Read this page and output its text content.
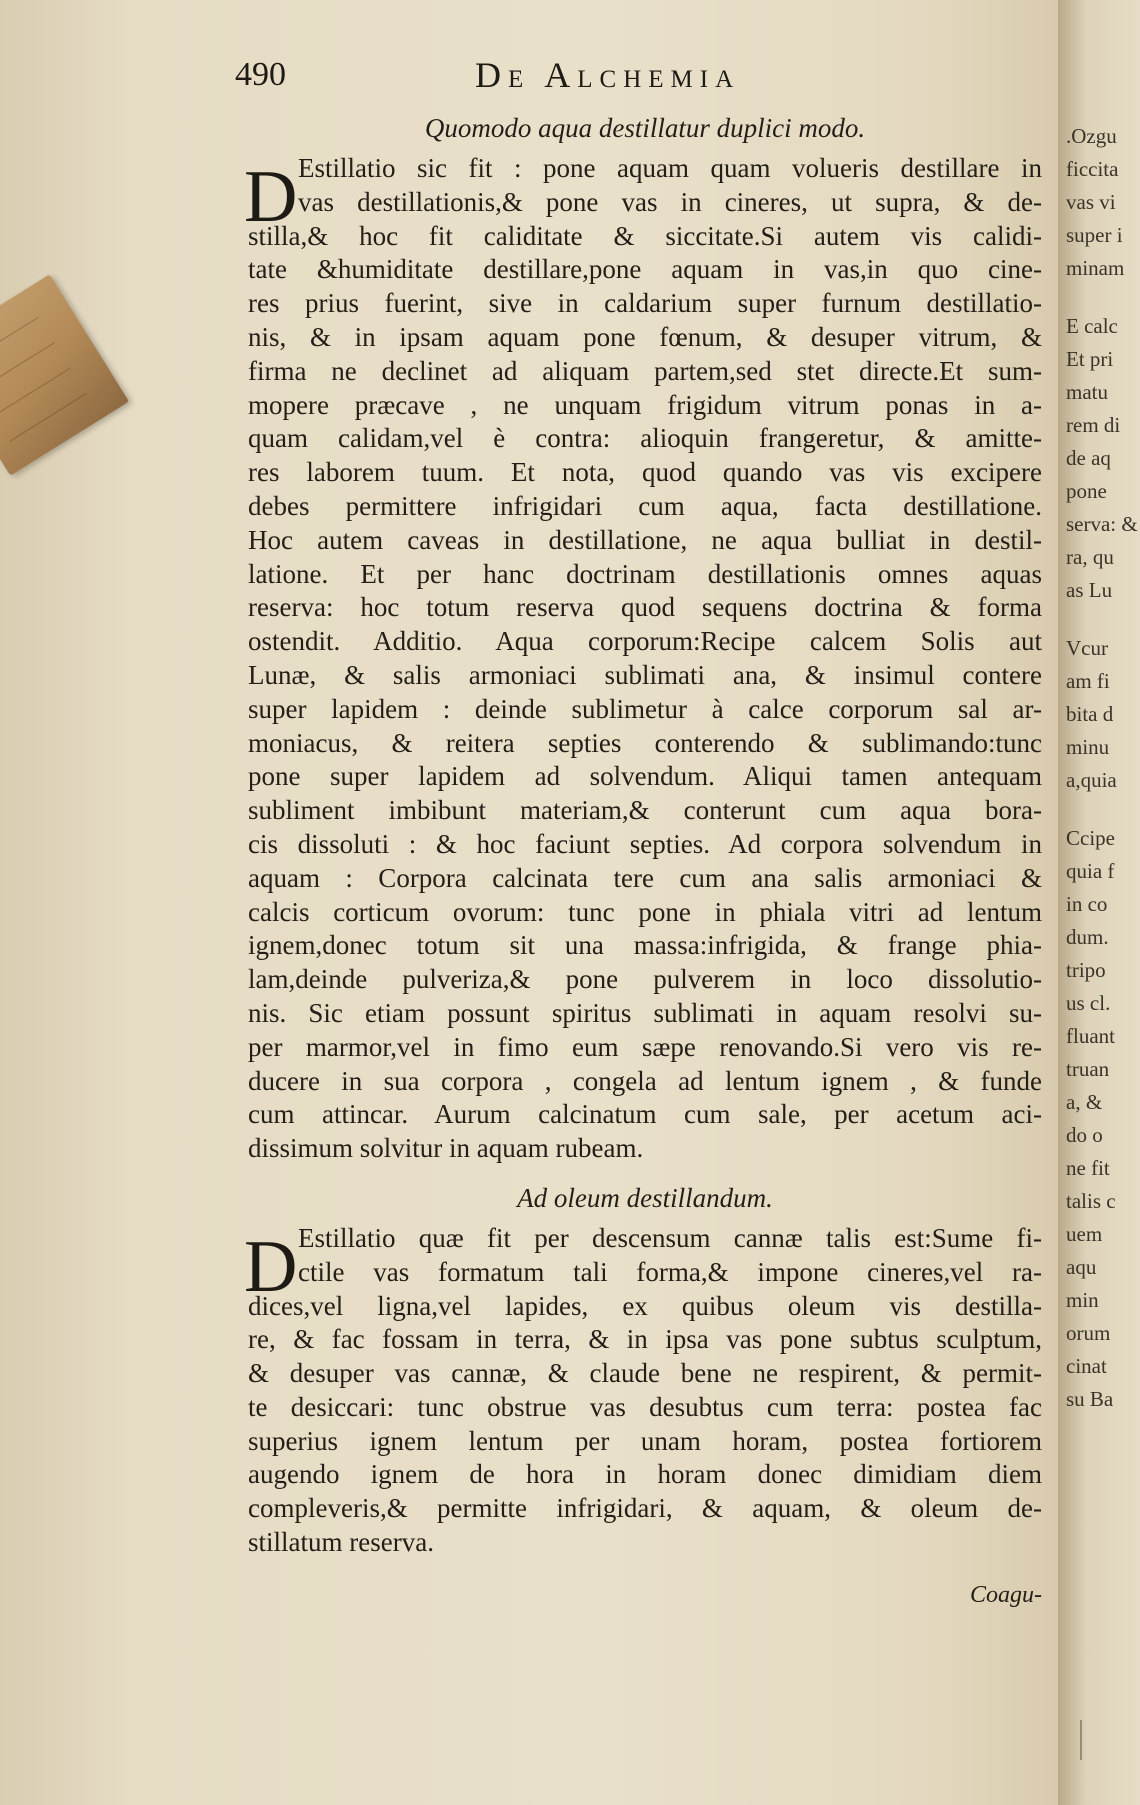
490	De Alchemia
Quomodo aqua destillatur duplici modo.
D Estillatio sic fit : pone aquam quam volueris destillare in
vas destillationis,& pone vas in cineres, ut supra, & de-
stilla,& hoc fit caliditate & siccitate.Si autem vis calidi-
tate &humiditate destillare,pone aquam in vas,in quo cine-
res prius fuerint, sive in caldarium super furnum destillatio-
nis, & in ipsam aquam pone fœnum, & desuper vitrum, &
firma ne declinet ad aliquam partem,sed stet directe.Et sum-
mopere præcave , ne unquam frigidum vitrum ponas in a-
quam calidam,vel è contra: alioquin frangeretur, & amitte-
res laborem tuum. Et nota, quod quando vas vis excipere
debes permittere infrigidari cum aqua, facta destillatione.
Hoc autem caveas in destillatione, ne aqua bulliat in destil-
latione. Et per hanc doctrinam destillationis omnes aquas
reserva: hoc totum reserva quod sequens doctrina & forma
ostendit. Additio. Aqua corporum:Recipe calcem Solis aut
Lunæ, & salis armoniaci sublimati ana, & insimul contere
super lapidem : deinde sublimetur à calce corporum sal ar-
moniacus, & reitera septies conterendo & sublimando:tunc
pone super lapidem ad solvendum. Aliqui tamen antequam
subliment imbibunt materiam,& conterunt cum aqua bora-
cis dissoluti : & hoc faciunt septies. Ad corpora solvendum in
aquam : Corpora calcinata tere cum ana salis armoniaci &
calcis corticum ovorum: tunc pone in phiala vitri ad lentum
ignem,donec totum sit una massa:infrigida, & frange phia-
lam,deinde pulveriza,& pone pulverem in loco dissolutio-
nis. Sic etiam possunt spiritus sublimati in aquam resolvi su-
per marmor,vel in fimo eum sæpe renovando.Si vero vis re-
ducere in sua corpora , congela ad lentum ignem , & funde
cum attincar. Aurum calcinatum cum sale, per acetum aci-
dissimum solvitur in aquam rubeam.
Ad oleum destillandum.
D Estillatio quæ fit per descensum cannæ talis est:Sume fi-
ctile vas formatum tali forma,& impone cineres,vel ra-
dices,vel ligna,vel lapides, ex quibus oleum vis destilla-
re, & fac fossam in terra, & in ipsa vas pone subtus sculptum,
& desuper vas cannæ, & claude bene ne respirent, & permit-
te desiccari: tunc obstrue vas desubtus cum terra: postea fac
superius ignem lentum per unam horam, postea fortiorem
augendo ignem de hora in horam donec dimidiam diem
compleveris,& permitte infrigidari, & aquam, & oleum de-
stillatum reserva.
Coagu-
.Ozgu
ficcita
vas vi
super i
minam
E calc
Et pri
matu
rem di
de aq
pone
serva: &
ra, qu
as Lu
Vcur
am fi
bita d
minu
a,quia
Ccipe
quia f
in co
dum.
tripo
us cl.
fluant
truan
a, &
do o
ne fit
talis c
uem
aqu
min
orum
cinat
su Ba
